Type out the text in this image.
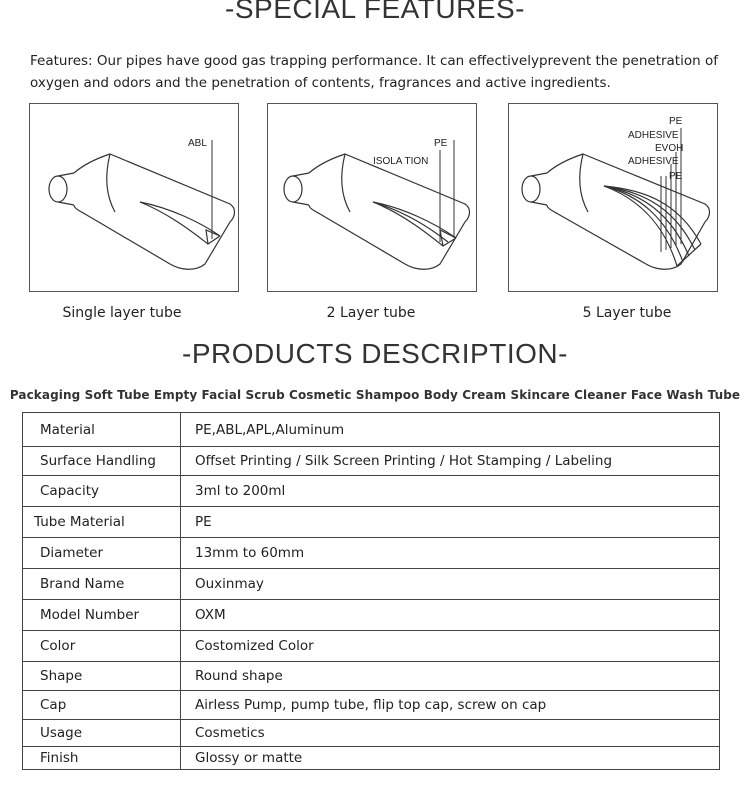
-SPECIAL FEATURES-
Features: Our pipes have good gas trapping performance. It can effectivelyprevent the penetration of oxygen and odors and the penetration of contents, fragrances and active ingredients.
ABL	PE
ISOLA TION
PE
ADHESIVE
EVOH
ADHESIVE
PE
Single layer tube	2 Layer tube	5 Layer tube
-PRODUCTS DESCRIPTION-
Packaging Soft Tube Empty Facial Scrub Cosmetic Shampoo Body Cream Skincare Cleaner Face Wash Tube
Material	PE,ABL,APL,Aluminum
Surface Handling	Offset Printing / Silk Screen Printing / Hot Stamping / Labeling
Capacity	3ml to 200ml
Tube Material	PE
Diameter	13mm to 60mm
Brand Name	Ouxinmay
Model Number	OXM
Color	Costomized Color
Shape	Round shape
Cap	Airless Pump, pump tube, flip top cap, screw on cap
Usage	Cosmetics
Finish	Glossy or matte
